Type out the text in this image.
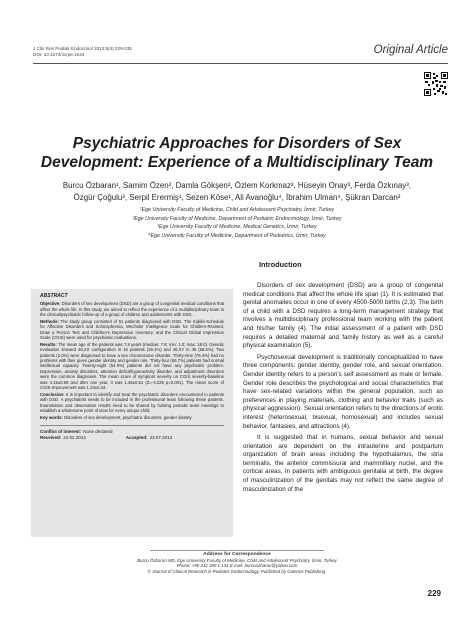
J Clin Res Pediatr Endocrinol 2013;5(4):229-235
DOI: 10.4274/Jcrpe.1044	Original Article
Psychiatric Approaches for Disorders of Sex
Development: Experience of a Multidisciplinary Team
Burcu Özbaran¹, Samim Özen², Damla Gökşen², Özlem Korkmaz², Hüseyin Onay³, Ferda Özkınay³,
Özgür Çoğulu³, Serpil Erermiş¹, Sezen Köse¹, Ali Avanoğlu⁴, İbrahim Ulman⁴, Şükran Darcan²
¹Ege University Faculty of Medicine, Child and Adolescent Psychiatry, İzmir, Turkey
²Ege University Faculty of Medicine, Department of Pediatric Endocrinology, İzmir, Turkey
³Ege University Faculty of Medicine, Medical Genetics, İzmir, Turkey
⁴Ege University Faculty of Medicine, Department of Pediatrics, İzmir, Turkey
ABSTRACT

Objective: Disorders of sex development (DSD) are a group of congenital medical conditions that affect the whole life. In this study, we aimed to reflect the experience of a multidisciplinary team in the clinical/psychiatric follow-up of a group of children and adolescents with DSD.

Methods: The study group consisted of 51 patients diagnosed with DSD. The Kiddie-Schedule for Affective Disorders and Schizophrenia, Wechsler Intelligence Scale for Children-Revised, Draw a Person Test and Children's Depression Inventory, and the Clinical Global Impression Scale (CGIS) were used for psychiatric evaluations.

Results: The mean age of the patients was 7.8 years (median: 7.8; min: 1.0; max: 18.0). Genetic evaluation showed 46,XX configuration in 15 patients (29.4%) and 46,XY in 35 (68.6%). Two patients (2.0%) were diagnosed to have a sex chromosome disorder. Thirty-nine (76.4%) had no problems with their given gender identity and gender role. Thirty-four (66.7%) patients had normal intellectual capacity. Twenty-eight (54.9%) patients did not have any psychiatric problem. Depression, anxiety disorders, attention deficit/hyperactivity disorder, and adjustment disorders were the common diagnoses. The mean score of symptom severity on CGIS severity-baseline was 4.15±0.69 and after one year, it was 1.46±0.51 (Z=-3.226 p=0.001). The mean score of CGIS-Improvement was 1.23±0.44.

Conclusion: It is important to identify and treat the psychiatric disorders encountered in patients with DSD. A psychiatrist needs to be included in the professional team following these patients. Examination and observation results need to be shared by holding periodic team meetings to establish a wholesome point of view for every unique child.

Key words: Disorders of sex development, psychiatric disorders, gender identity

Conflict of interest: None declared
Received: 22.02.2013	Accepted: 23.07.2013
Introduction

Disorders of sex development (DSD) are a group of congenital medical conditions that affect the whole life span (1). It is estimated that genital anomalies occur in one of every 4500-5000 births (2,3). The birth of a child with a DSD requires a long-term management strategy that involves a multidisciplinary professional team working with the patient and his/her family (4). The initial assessment of a patient with DSD requires a detailed maternal and family history as well as a careful physical examination (5).

Psychosexual development is traditionally conceptualized to have three components: gender identity, gender role, and sexual orientation. Gender identity refers to a person's self assessment as male or female. Gender role describes the psychological and social characteristics that have sex-related variations within the general population, such as preferences in playing materials, clothing and behavior traits (such as physical aggression). Sexual orientation refers to the directions of erotic interest (heterosexual, bisexual, homosexual) and includes sexual behavior, fantasies, and attractions (4).

It is suggested that in humans, sexual behavior and sexual orientation are dependent on the intrauterine and postpartum organization of brain areas including the hypothalamus, the stria terminalis, the anterior commissural and mammillary nuclei, and the cortical areas. In patients with ambiguous genitalia at birth, the degree of masculinization of the genitals may not reflect the same degree of masculinization of the

Address for Correspondence
Burcu Özbaran MD, Ege University Faculty of Medicine, Child and Adolescent Psychiatry, İzmir, Turkey
Phone: +90 232 390 1 134 E-mail: burcuozbaran@yahoo.com
© Journal of Clinical Research in Pediatric Endocrinology, Published by Galenos Publishing.
229
